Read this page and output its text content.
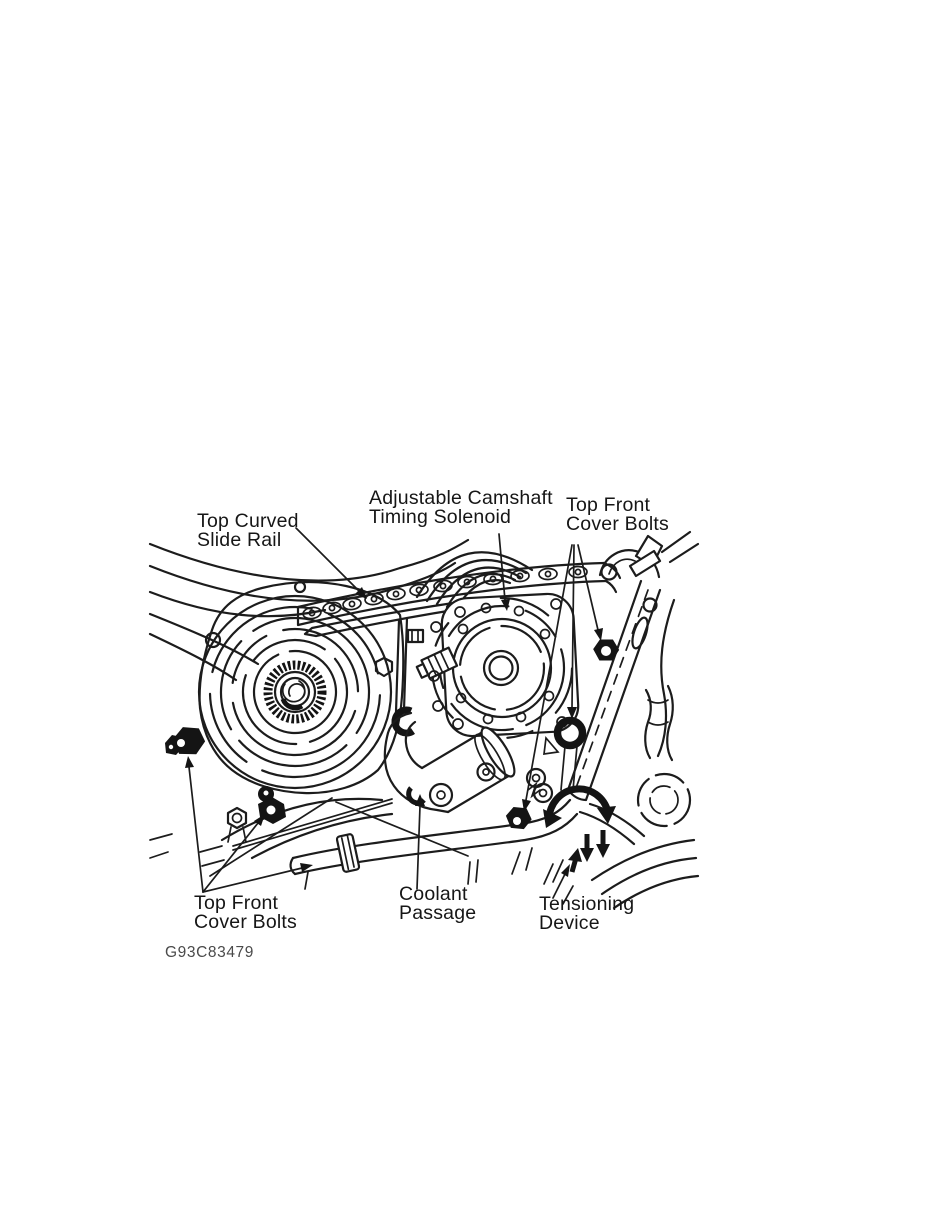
Top Curved
Slide Rail
Adjustable Camshaft
Timing Solenoid
Top Front
Cover Bolts
Top Front
Cover Bolts
Coolant
Passage	Tensioning
Device
G93C83479
